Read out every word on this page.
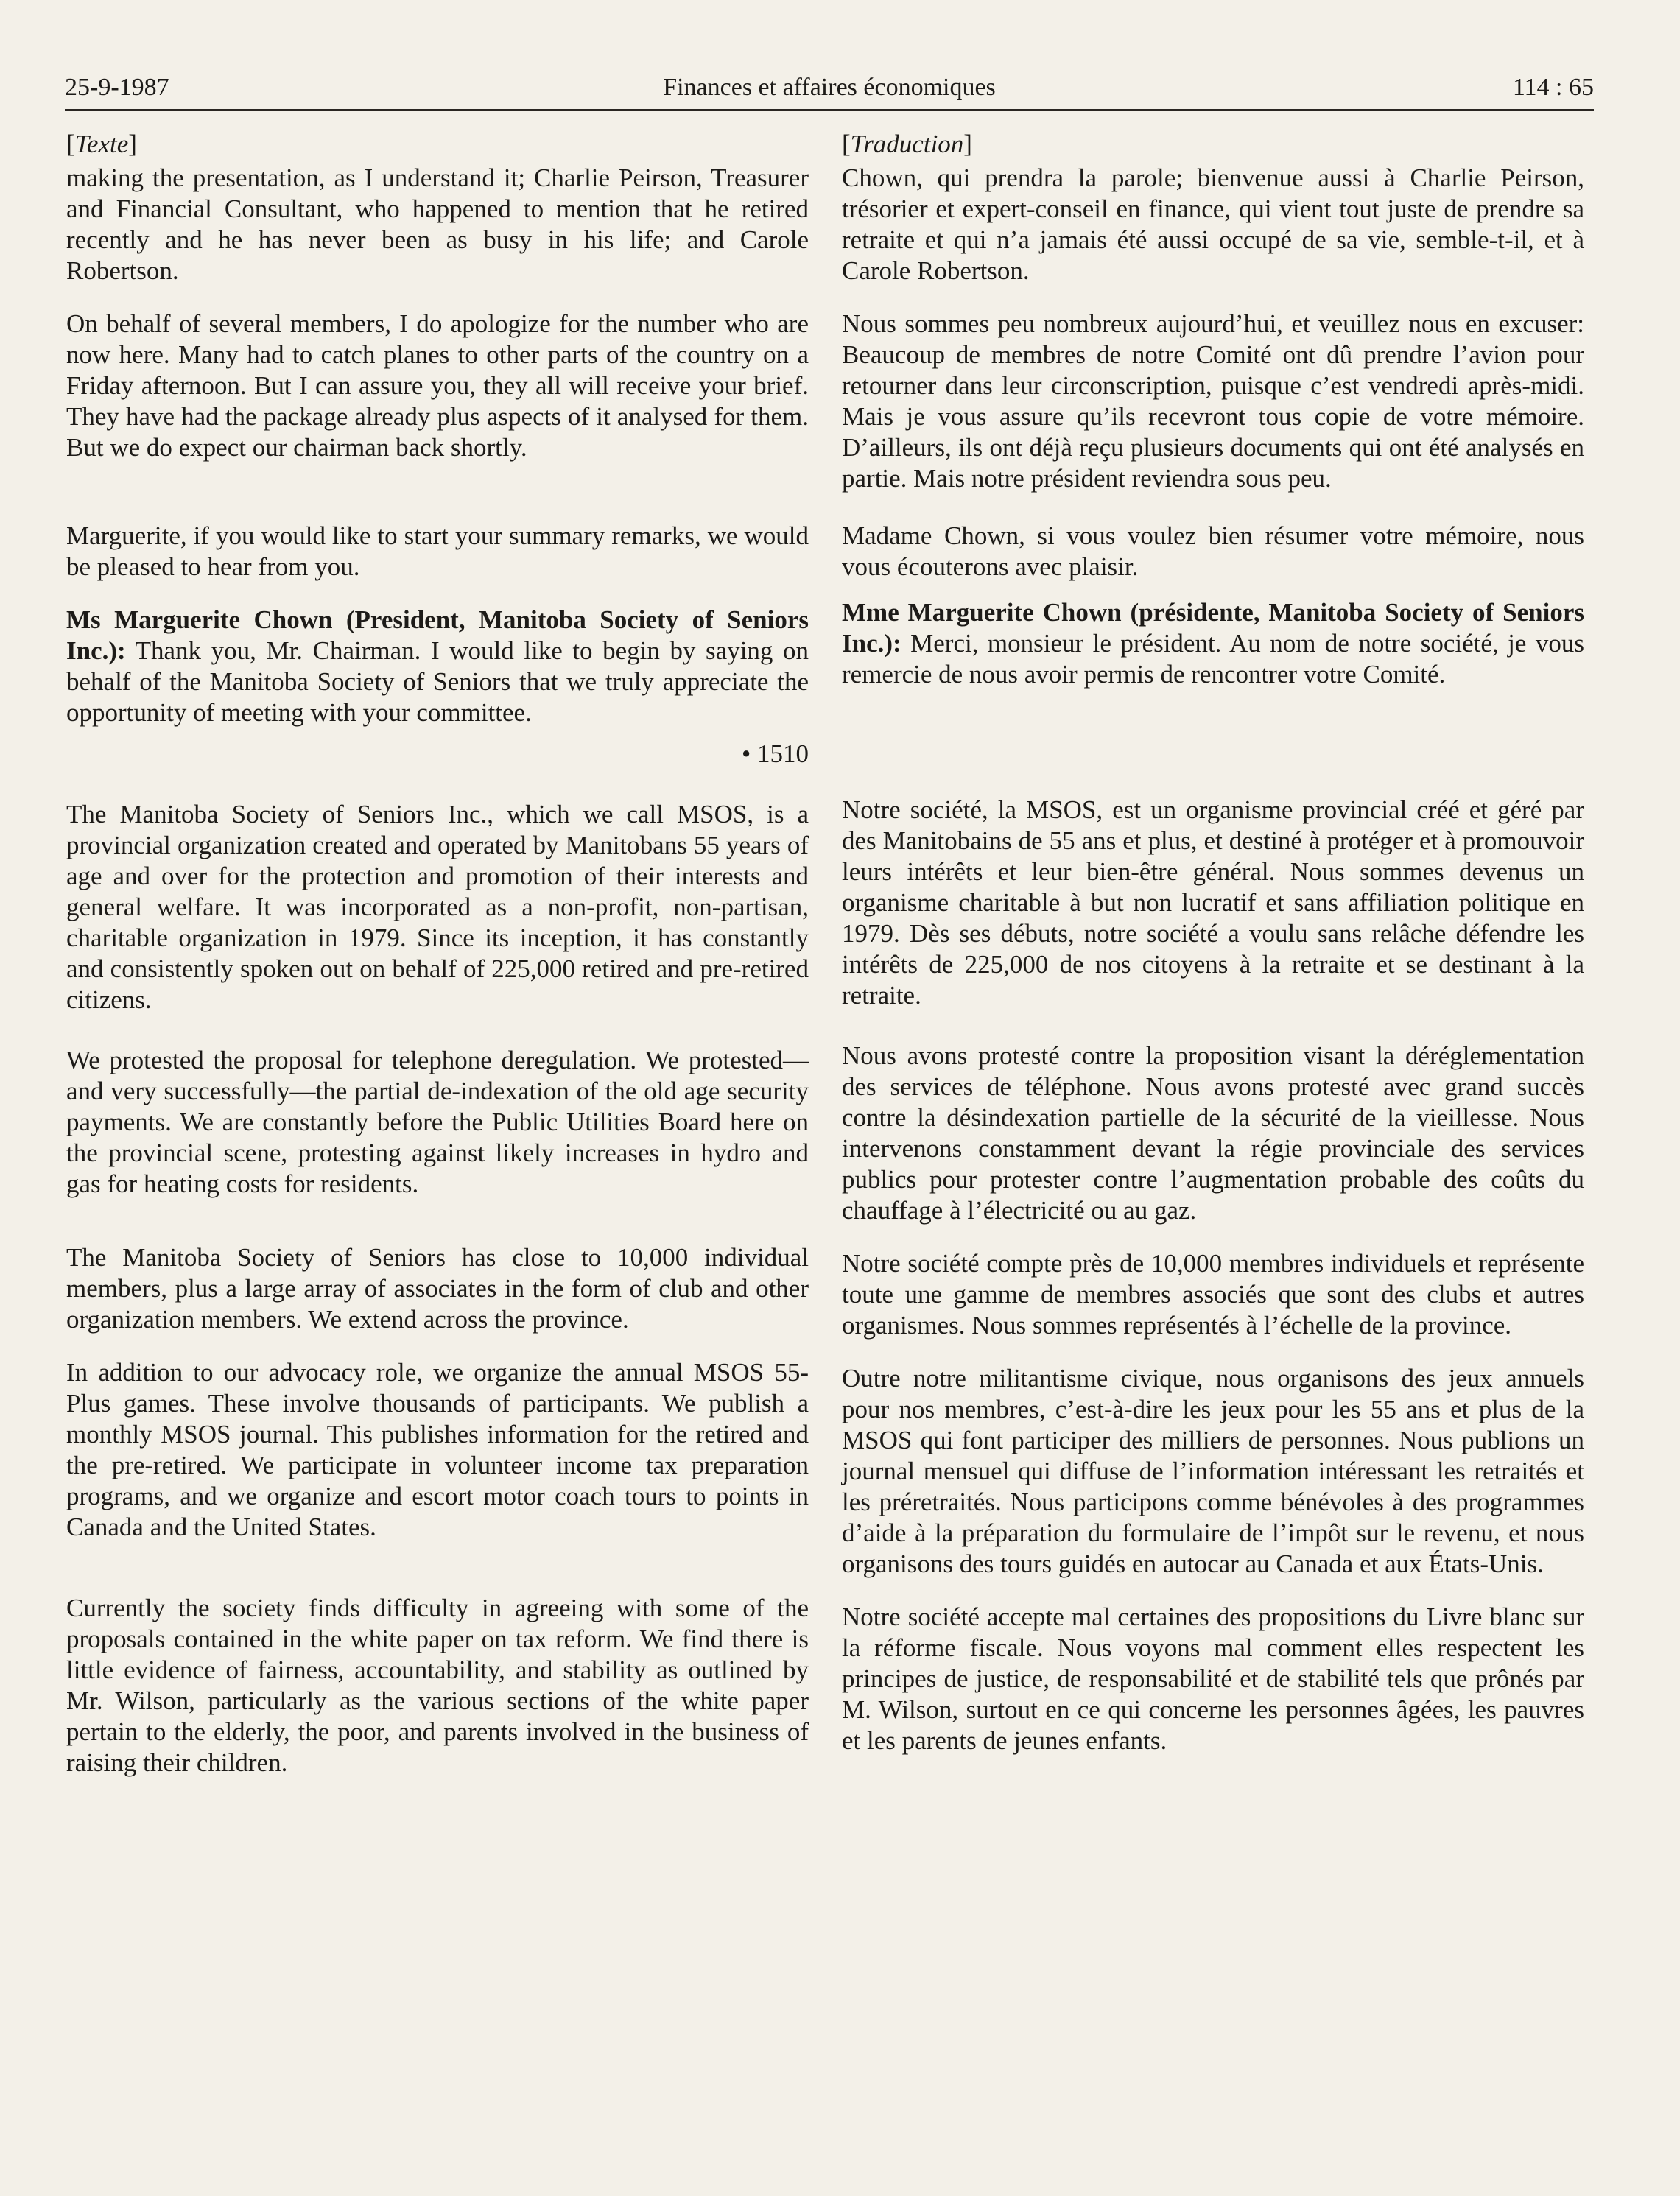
25-9-1987	Finances et affaires économiques	114 : 65
[Texte]

making the presentation, as I understand it; Charlie Peirson, Treasurer and Financial Consultant, who happened to mention that he retired recently and he has never been as busy in his life; and Carole Robertson.

On behalf of several members, I do apologize for the number who are now here. Many had to catch planes to other parts of the country on a Friday afternoon. But I can assure you, they all will receive your brief. They have had the package already plus aspects of it analysed for them. But we do expect our chairman back shortly.

Marguerite, if you would like to start your summary remarks, we would be pleased to hear from you.

Ms Marguerite Chown (President, Manitoba Society of Seniors Inc.): Thank you, Mr. Chairman. I would like to begin by saying on behalf of the Manitoba Society of Seniors that we truly appreciate the opportunity of meeting with your committee.

• 1510

The Manitoba Society of Seniors Inc., which we call MSOS, is a provincial organization created and operated by Manitobans 55 years of age and over for the protection and promotion of their interests and general welfare. It was incorporated as a non-profit, non-partisan, charitable organization in 1979. Since its inception, it has constantly and consistently spoken out on behalf of 225,000 retired and pre-retired citizens.

We protested the proposal for telephone deregulation. We protested—and very successfully—the partial de-indexation of the old age security payments. We are constantly before the Public Utilities Board here on the provincial scene, protesting against likely increases in hydro and gas for heating costs for residents.

The Manitoba Society of Seniors has close to 10,000 individual members, plus a large array of associates in the form of club and other organization members. We extend across the province.

In addition to our advocacy role, we organize the annual MSOS 55-Plus games. These involve thousands of participants. We publish a monthly MSOS journal. This publishes information for the retired and the pre-retired. We participate in volunteer income tax preparation programs, and we organize and escort motor coach tours to points in Canada and the United States.

Currently the society finds difficulty in agreeing with some of the proposals contained in the white paper on tax reform. We find there is little evidence of fairness, accountability, and stability as outlined by Mr. Wilson, particularly as the various sections of the white paper pertain to the elderly, the poor, and parents involved in the business of raising their children.

[Traduction]

Chown, qui prendra la parole; bienvenue aussi à Charlie Peirson, trésorier et expert-conseil en finance, qui vient tout juste de prendre sa retraite et qui n’a jamais été aussi occupé de sa vie, semble-t-il, et à Carole Robertson.

Nous sommes peu nombreux aujourd’hui, et veuillez nous en excuser: Beaucoup de membres de notre Comité ont dû prendre l’avion pour retourner dans leur circonscription, puisque c’est vendredi après-midi. Mais je vous assure qu’ils recevront tous copie de votre mémoire. D’ailleurs, ils ont déjà reçu plusieurs documents qui ont été analysés en partie. Mais notre président reviendra sous peu.

Madame Chown, si vous voulez bien résumer votre mémoire, nous vous écouterons avec plaisir.

Mme Marguerite Chown (présidente, Manitoba Society of Seniors Inc.): Merci, monsieur le président. Au nom de notre société, je vous remercie de nous avoir permis de rencontrer votre Comité.

Notre société, la MSOS, est un organisme provincial créé et géré par des Manitobains de 55 ans et plus, et destiné à protéger et à promouvoir leurs intérêts et leur bien-être général. Nous sommes devenus un organisme charitable à but non lucratif et sans affiliation politique en 1979. Dès ses débuts, notre société a voulu sans relâche défendre les intérêts de 225,000 de nos citoyens à la retraite et se destinant à la retraite.

Nous avons protesté contre la proposition visant la déréglementation des services de téléphone. Nous avons protesté avec grand succès contre la désindexation partielle de la sécurité de la vieillesse. Nous intervenons constamment devant la régie provinciale des services publics pour protester contre l’augmentation probable des coûts du chauffage à l’électricité ou au gaz.

Notre société compte près de 10,000 membres individuels et représente toute une gamme de membres associés que sont des clubs et autres organismes. Nous sommes représentés à l’échelle de la province.

Outre notre militantisme civique, nous organisons des jeux annuels pour nos membres, c’est-à-dire les jeux pour les 55 ans et plus de la MSOS qui font participer des milliers de personnes. Nous publions un journal mensuel qui diffuse de l’information intéressant les retraités et les préretraités. Nous participons comme bénévoles à des programmes d’aide à la préparation du formulaire de l’impôt sur le revenu, et nous organisons des tours guidés en autocar au Canada et aux États-Unis.

Notre société accepte mal certaines des propositions du Livre blanc sur la réforme fiscale. Nous voyons mal comment elles respectent les principes de justice, de responsabilité et de stabilité tels que prônés par M. Wilson, surtout en ce qui concerne les personnes âgées, les pauvres et les parents de jeunes enfants.
